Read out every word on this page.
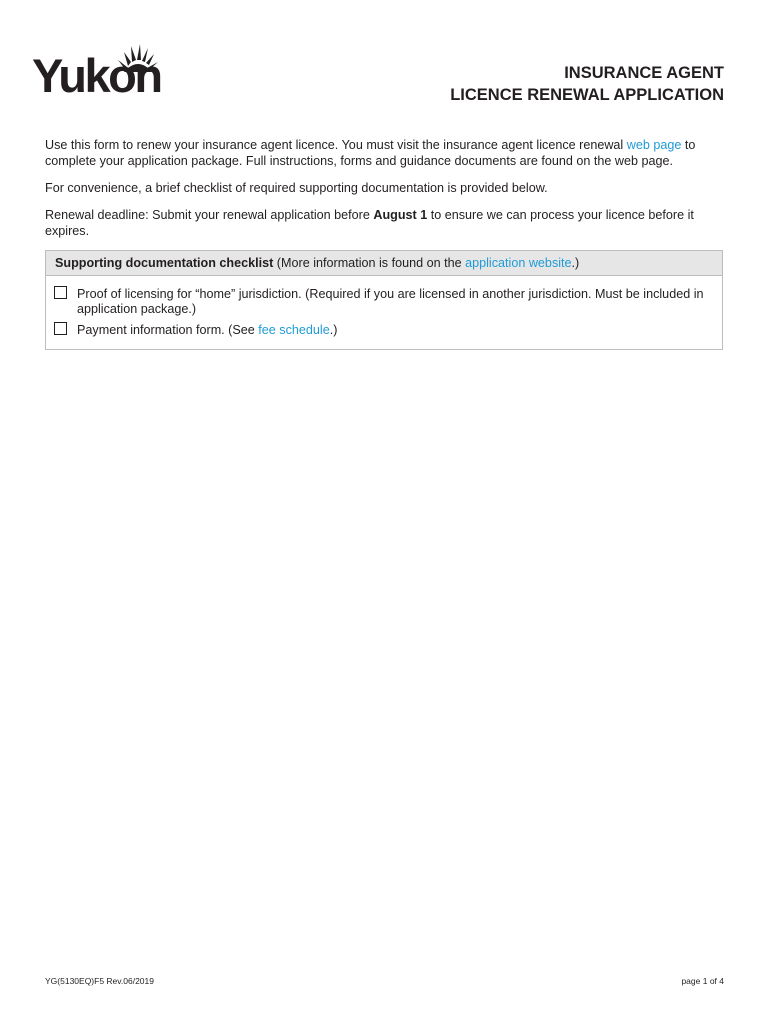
Yukon	INSURANCE AGENT
LICENCE RENEWAL APPLICATION
Use this form to renew your insurance agent licence. You must visit the insurance agent licence renewal web page to complete your application package. Full instructions, forms and guidance documents are found on the web page.
For convenience, a brief checklist of required supporting documentation is provided below.
Renewal deadline: Submit your renewal application before August 1 to ensure we can process your licence before it expires.
Supporting documentation checklist (More information is found on the application website.)
Proof of licensing for “home” jurisdiction. (Required if you are licensed in another jurisdiction. Must be included in application package.)
Payment information form. (See fee schedule.)
YG(5130EQ)F5 Rev.06/2019	page 1 of 4
